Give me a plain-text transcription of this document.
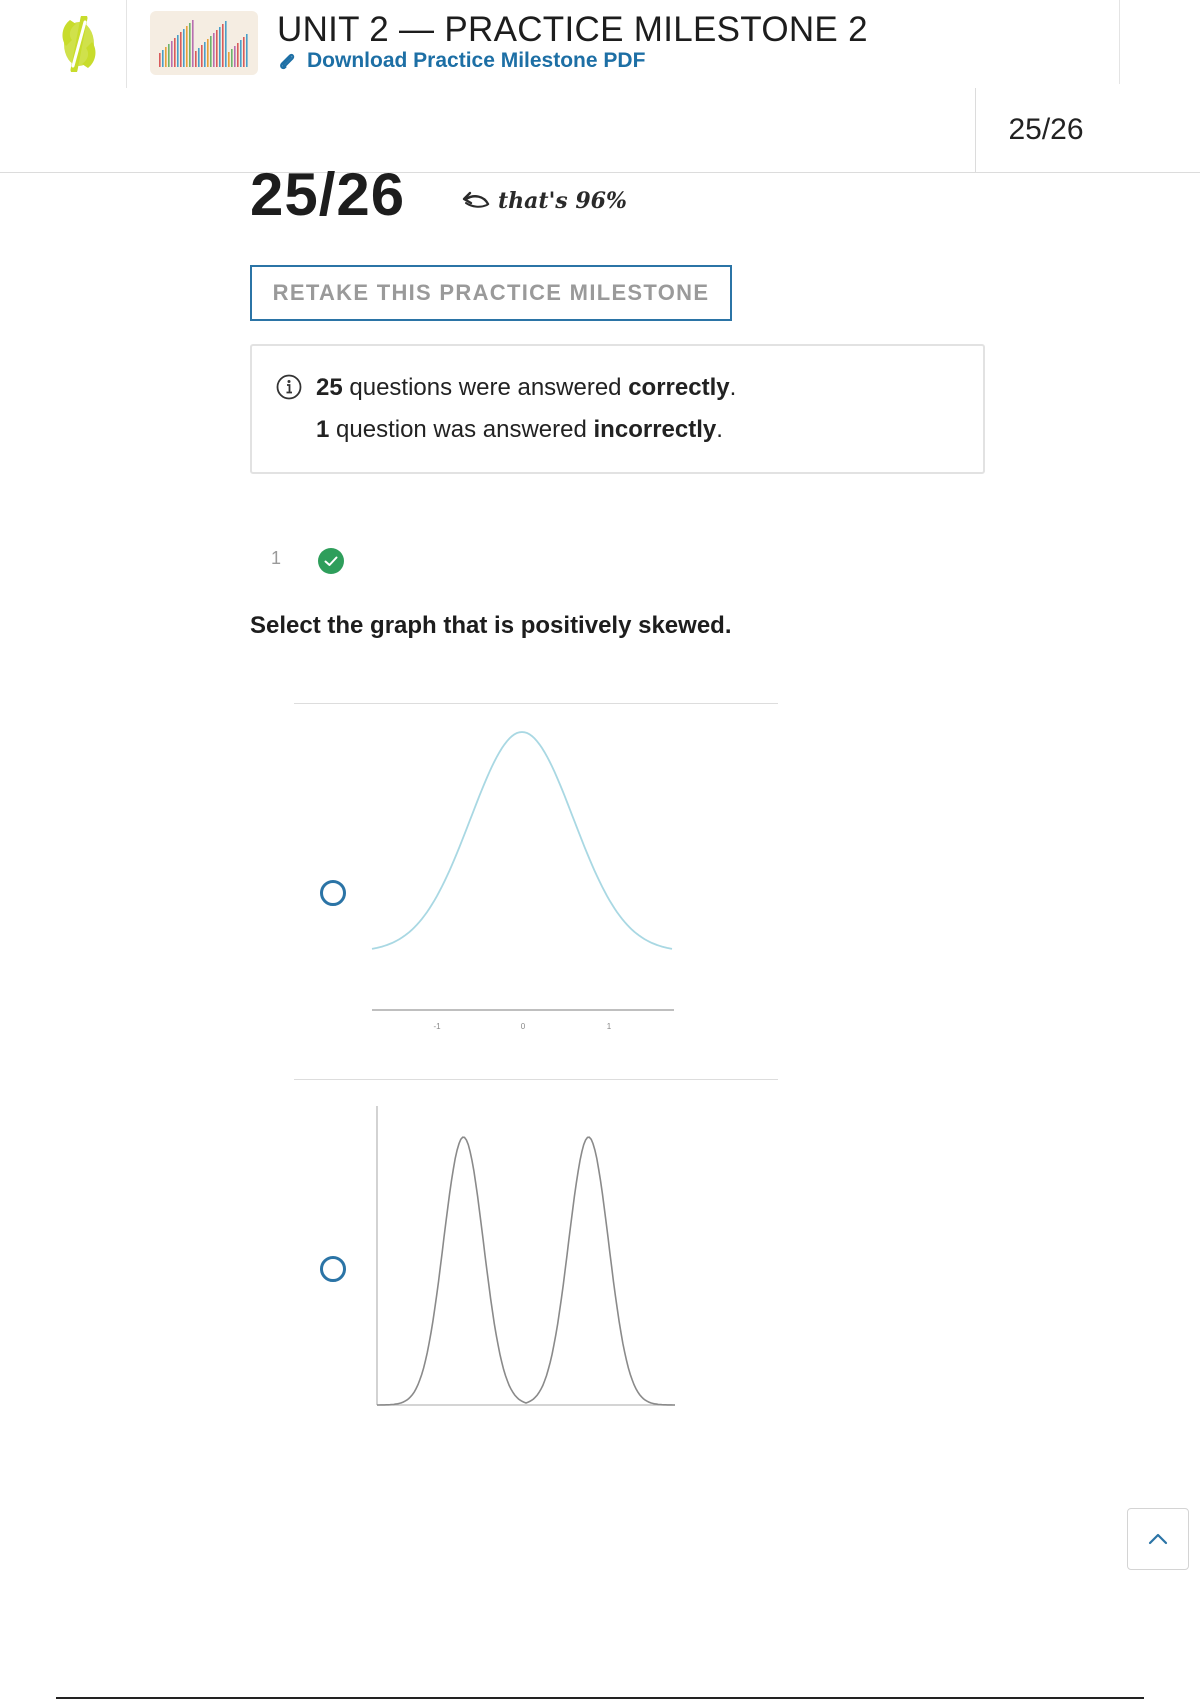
UNIT 2 — PRACTICE MILESTONE 2
Download Practice Milestone PDF
25/26
25/26	that's 96%
RETAKE THIS PRACTICE MILESTONE
25 questions were answered correctly.
1 question was answered incorrectly.
1
Select the graph that is positively skewed.
-1	0	1
